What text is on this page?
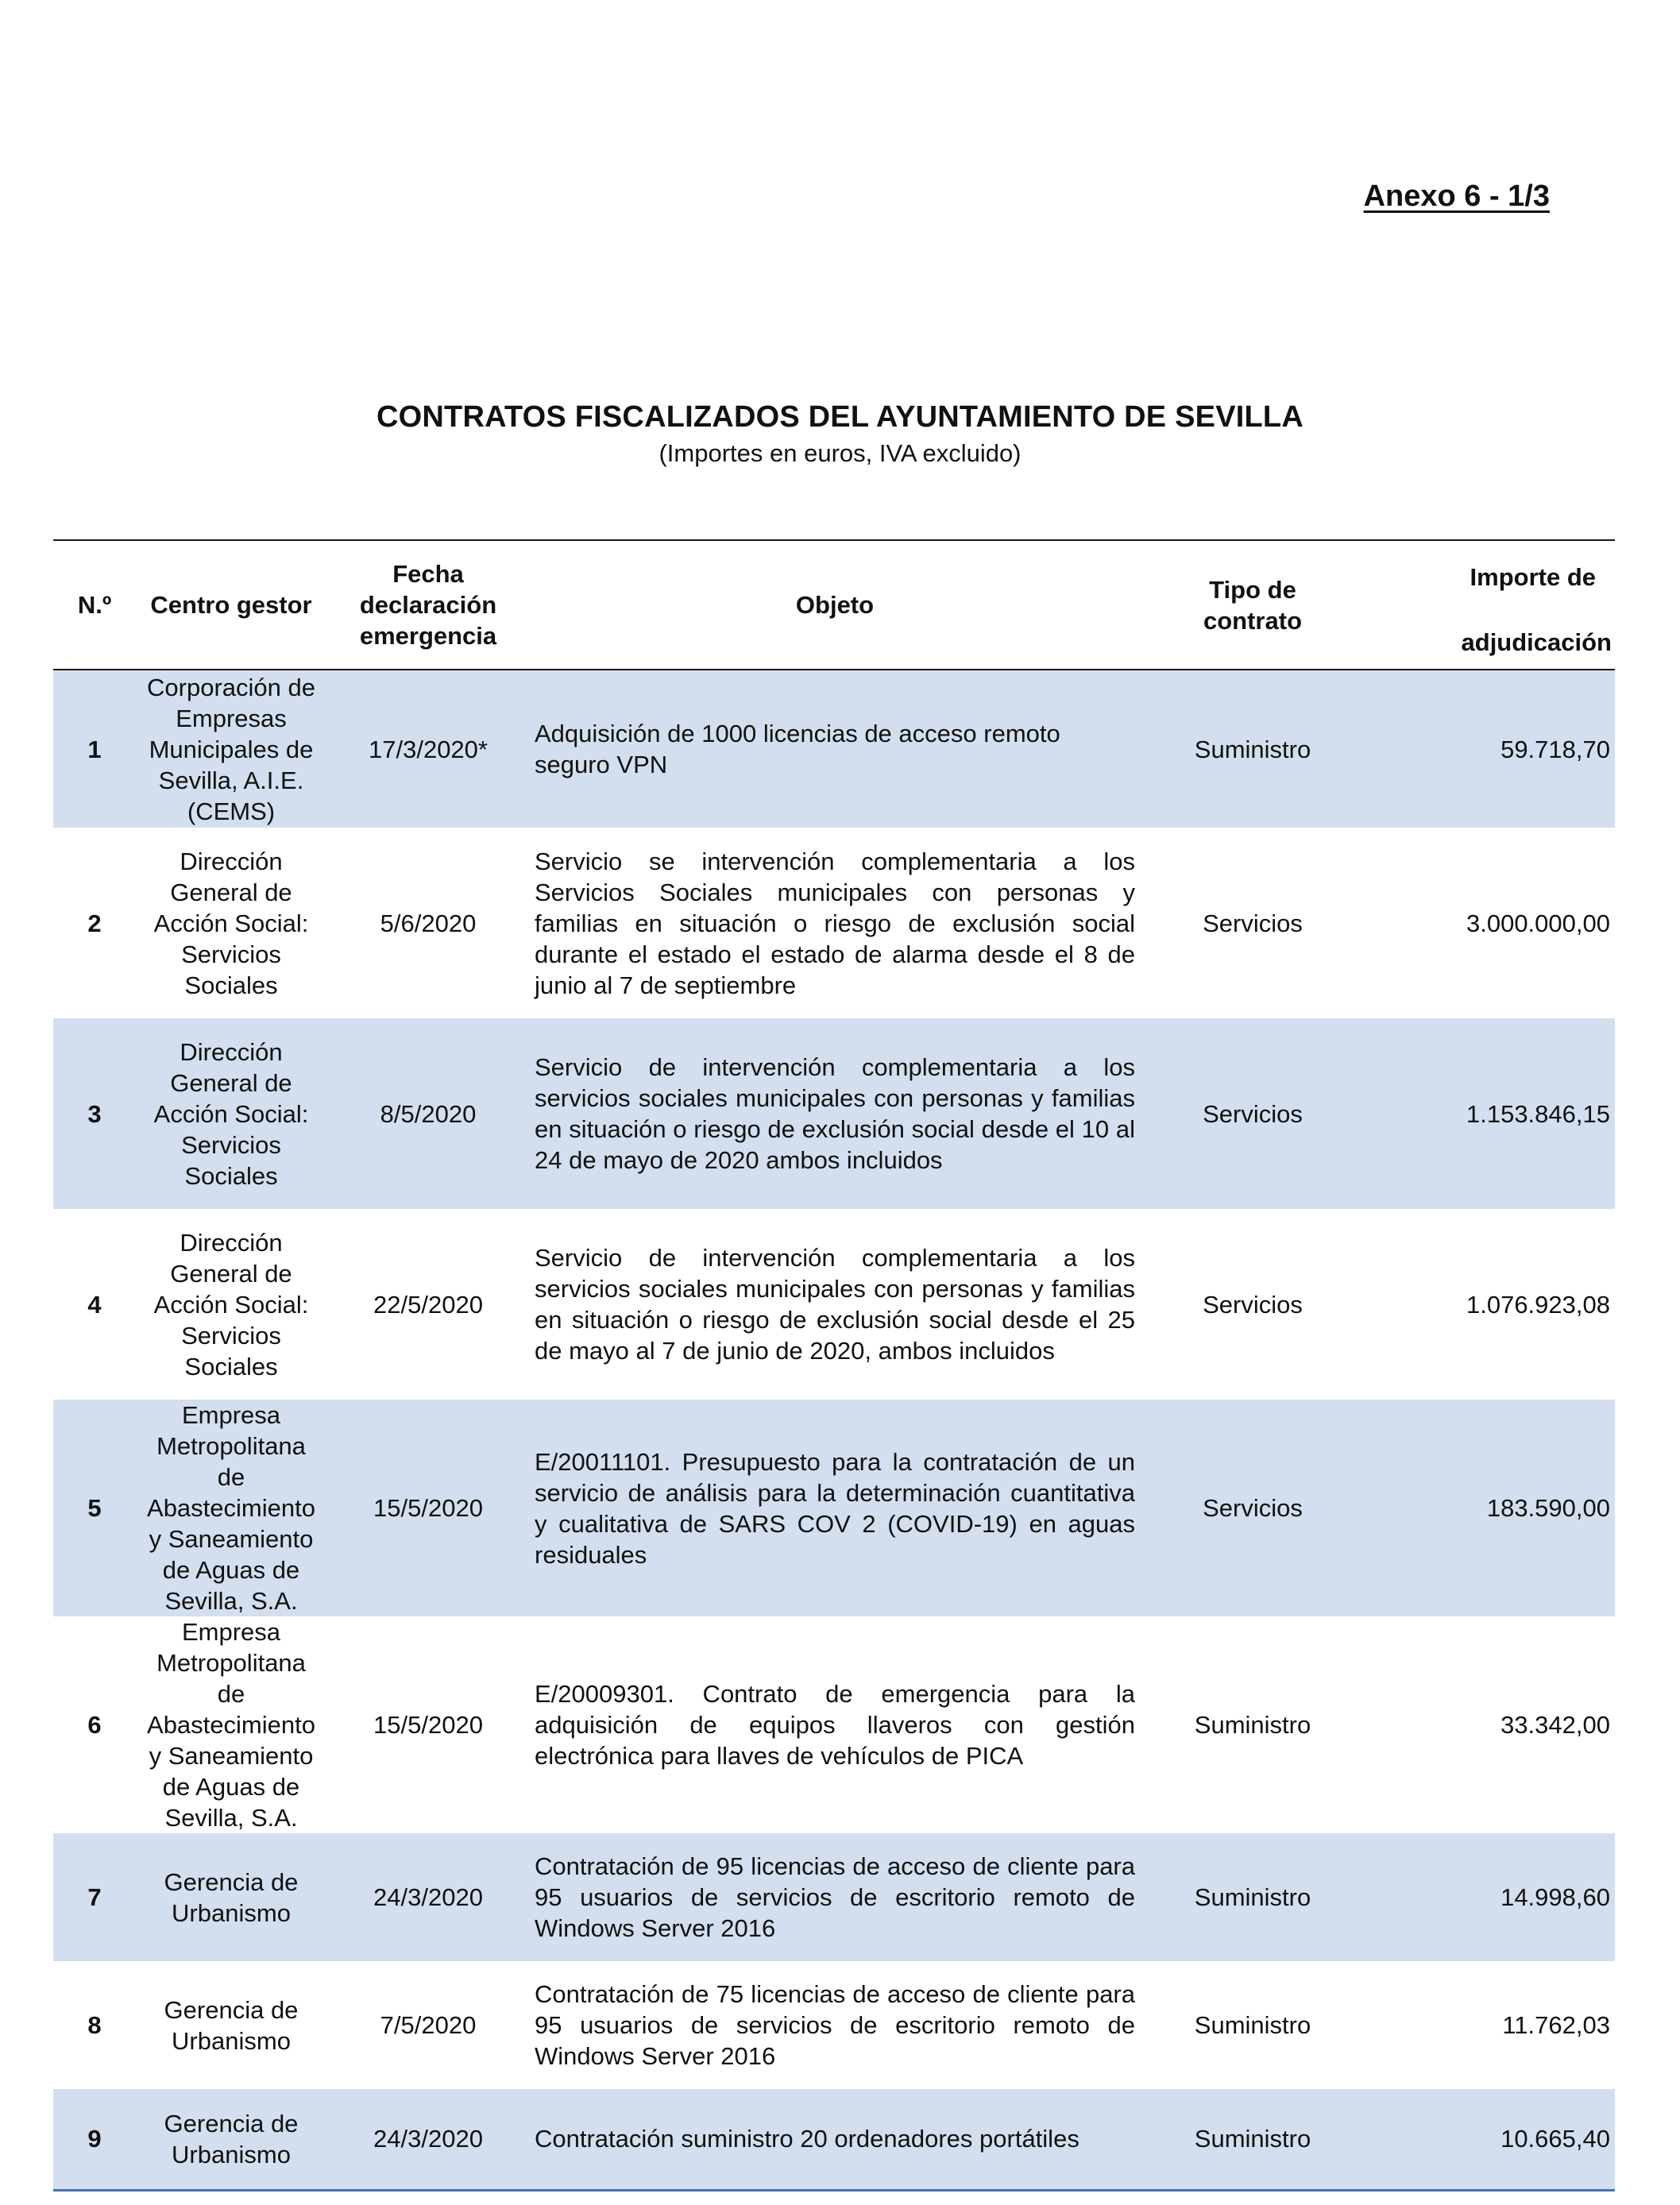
Anexo 6 - 1/3
CONTRATOS FISCALIZADOS DEL AYUNTAMIENTO DE SEVILLA
(Importes en euros, IVA excluido)
N.º	Centro gestor	Fecha declaración emergencia	Objeto	Tipo de contrato	Importe de
adjudicación

1	Corporación de Empresas Municipales de Sevilla, A.I.E. (CEMS)	17/3/2020*	Adquisición de 1000 licencias de acceso remoto seguro VPN	Suministro	59.718,70
2	Dirección General de Acción Social: Servicios Sociales	5/6/2020	Servicio se intervención complementaria a los Servicios Sociales municipales con personas y familias en situación o riesgo de exclusión social durante el estado el estado de alarma desde el 8 de junio al 7 de septiembre	Servicios	3.000.000,00
3	Dirección General de Acción Social: Servicios Sociales	8/5/2020	Servicio de intervención complementaria a los servicios sociales municipales con personas y familias en situación o riesgo de exclusión social desde el 10 al 24 de mayo de 2020 ambos incluidos	Servicios	1.153.846,15
4	Dirección General de Acción Social: Servicios Sociales	22/5/2020	Servicio de intervención complementaria a los servicios sociales municipales con personas y familias en situación o riesgo de exclusión social desde el 25 de mayo al 7 de junio de 2020, ambos incluidos	Servicios	1.076.923,08
5	Empresa Metropolitana de Abastecimiento y Saneamiento de Aguas de Sevilla, S.A.	15/5/2020	E/20011101. Presupuesto para la contratación de un servicio de análisis para la determinación cuantitativa y cualitativa de SARS COV 2 (COVID-19) en aguas residuales	Servicios	183.590,00
6	Empresa Metropolitana de Abastecimiento y Saneamiento de Aguas de Sevilla, S.A.	15/5/2020	E/20009301. Contrato de emergencia para la adquisición de equipos llaveros con gestión electrónica para llaves de vehículos de PICA	Suministro	33.342,00
7	Gerencia de Urbanismo	24/3/2020	Contratación de 95 licencias de acceso de cliente para 95 usuarios de servicios de escritorio remoto de Windows Server 2016	Suministro	14.998,60
8	Gerencia de Urbanismo	7/5/2020	Contratación de 75 licencias de acceso de cliente para 95 usuarios de servicios de escritorio remoto de Windows Server 2016	Suministro	11.762,03
9	Gerencia de Urbanismo	24/3/2020	Contratación suministro 20 ordenadores portátiles	Suministro	10.665,40
